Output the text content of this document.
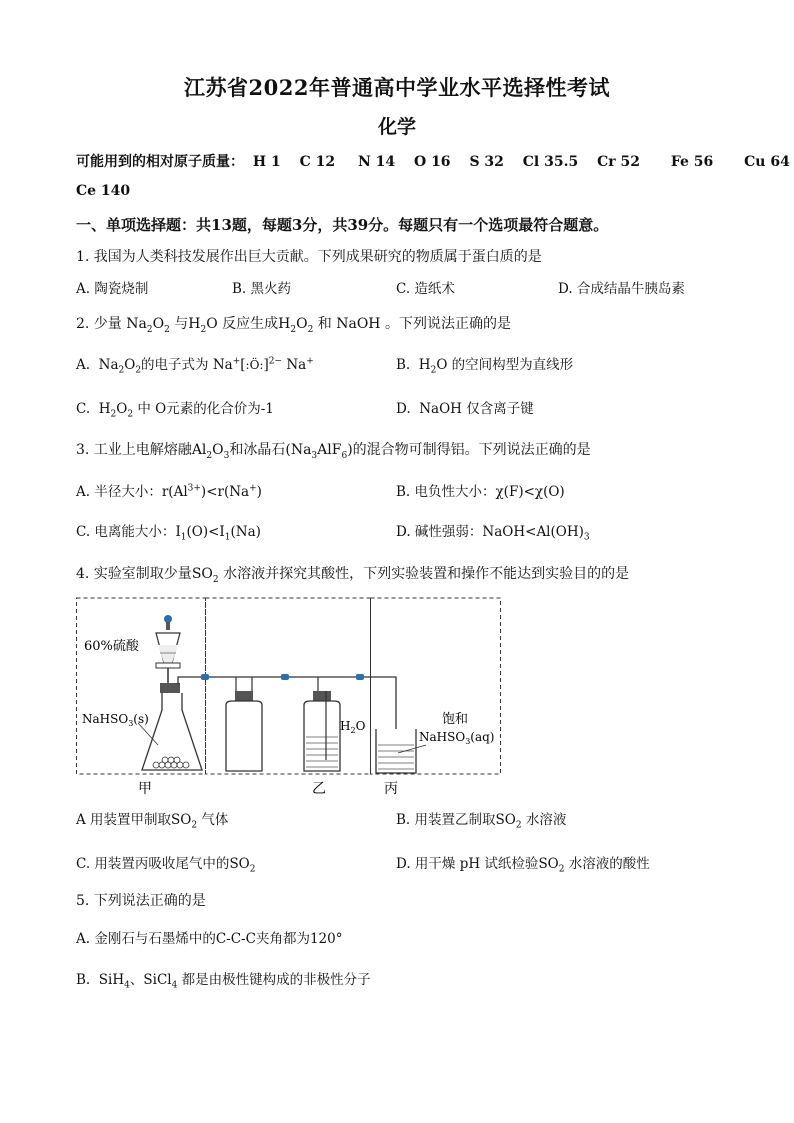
江苏省2022年普通高中学业水平选择性考试
化学
可能用到的相对原子质量： H 1 C 12 N 14 O 16 S 32 Cl 35.5 Cr 52 Fe 56 Cu 64
Ce 140
一、单项选择题：共13题，每题3分，共39分。每题只有一个选项最符合题意。
1. 我国为人类科技发展作出巨大贡献。下列成果研究的物质属于蛋白质的是
A. 陶瓷烧制	B. 黑火药	C. 造纸术	D. 合成结晶牛胰岛素
2. 少量 $Na_2O_2$ 与$H_2O$ 反应生成$H_2O_2$ 和 NaOH 。下列说法正确的是
A.  $Na_2O_2$的电子式为 Na+[:Ö:]$^{2-}$ Na+	B.  $H_2O$ 的空间构型为直线形
C.  $H_2O_2$ 中 O元素的化合价为-1	D. NaOH 仅含离子键
3. 工业上电解熔融$Al_2O_3$和冰晶石$(Na_3AlF_6)$的混合物可制得铝。下列说法正确的是
A. 半径大小：$r(Al^{3+})<r(Na^+)$	B. 电负性大小：χ(F)<χ(O)
C. 电离能大小：$I_1(O)<I_1(Na)$	D. 碱性强弱：$NaOH<Al(OH)_3$
4. 实验室制取少量$SO_2$ 水溶液并探究其酸性，下列实验装置和操作不能达到实验目的的是
60%硫酸
NaHSO$_3$(s)	$H_2O$	饱和
NaHSO$_3$(aq)
甲	乙	丙
A 用装置甲制取$SO_2$ 气体	B. 用装置乙制取$SO_2$ 水溶液
C. 用装置丙吸收尾气中的$SO_2$	D. 用干燥 pH 试纸检验$SO_2$ 水溶液的酸性
5. 下列说法正确的是
A. 金刚石与石墨烯中的C-C-C夹角都为120°
B.  SiH$_4$、SiCl$_4$ 都是由极性键构成的非极性分子
